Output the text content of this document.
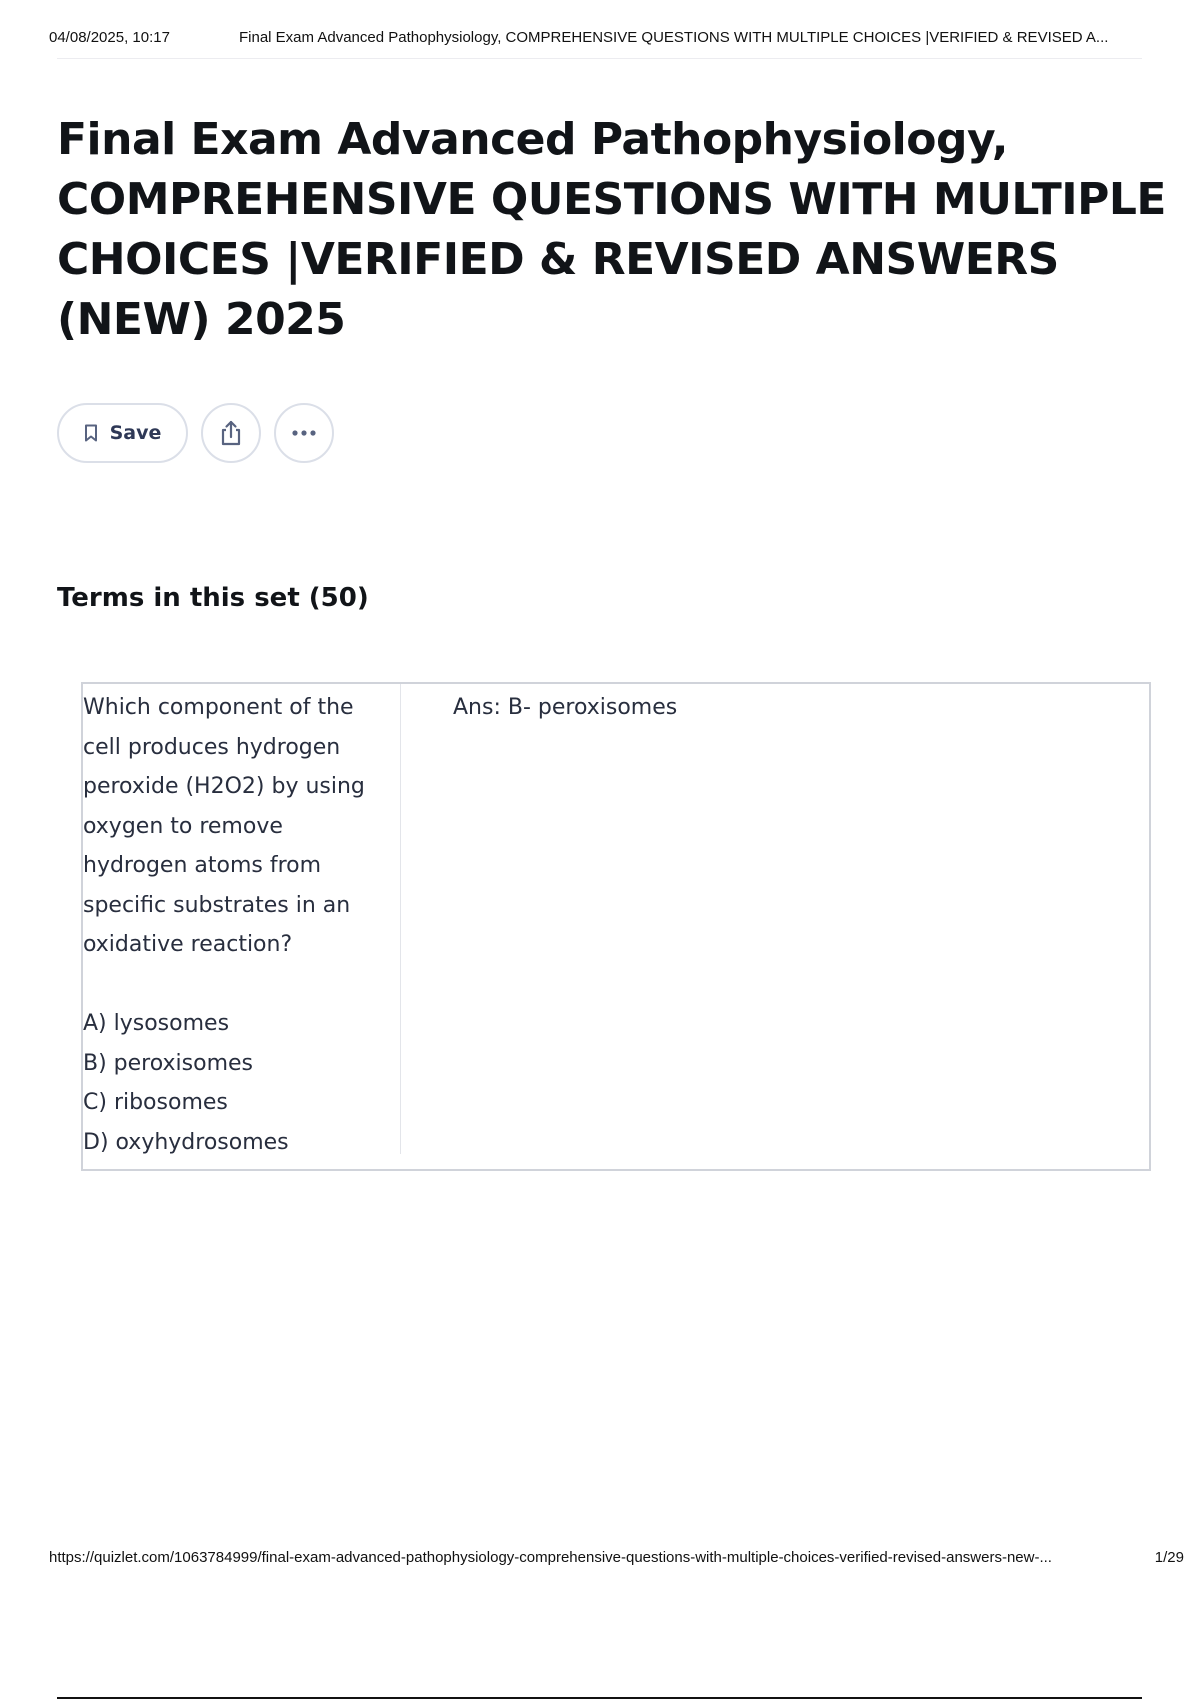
04/08/2025, 10:17	Final Exam Advanced Pathophysiology, COMPREHENSIVE QUESTIONS WITH MULTIPLE CHOICES |VERIFIED & REVISED A...
Final Exam Advanced Pathophysiology, COMPREHENSIVE QUESTIONS WITH MULTIPLE CHOICES |VERIFIED & REVISED ANSWERS (NEW) 2025
Save
Terms in this set (50)
Which component of the
cell produces hydrogen
peroxide (H2O2) by using
oxygen to remove
hydrogen atoms from
specific substrates in an
oxidative reaction?

A) lysosomes
B) peroxisomes
C) ribosomes
D) oxyhydrosomes
Ans: B- peroxisomes
https://quizlet.com/1063784999/final-exam-advanced-pathophysiology-comprehensive-questions-with-multiple-choices-verified-revised-answers-new-...	1/29
